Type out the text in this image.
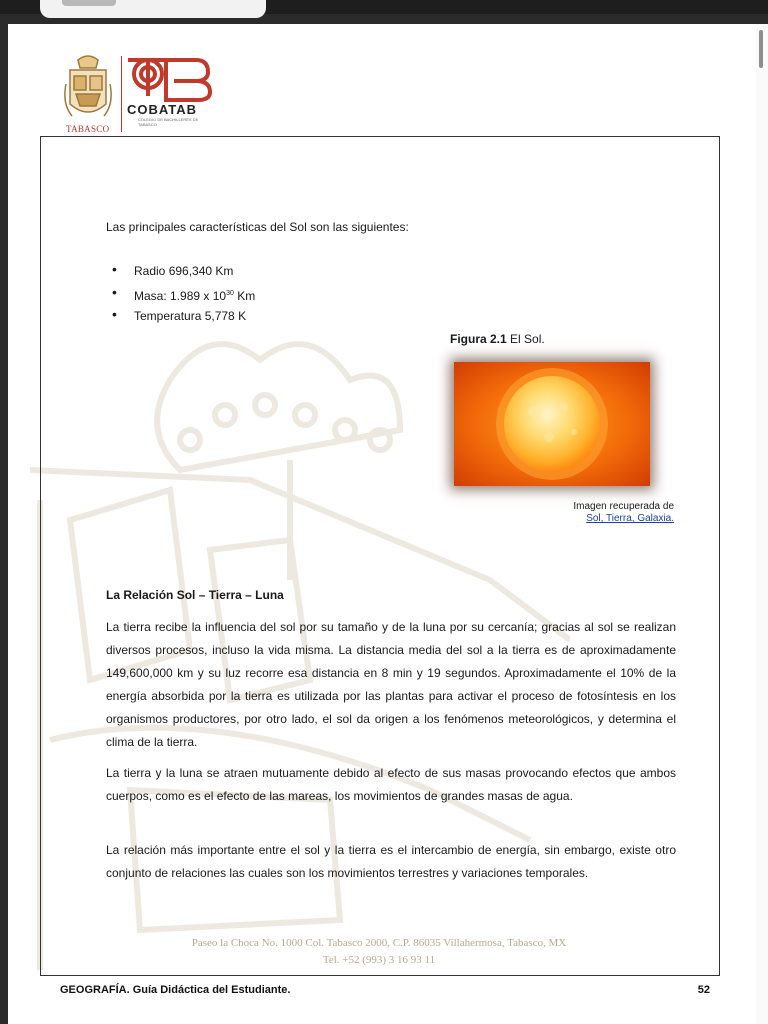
TABASCO
COBATAB
COLEGIO DE BACHILLERES DE TABASCO
Las principales características del Sol son las siguientes:
• Radio 696,340 Km
• Masa: 1.989 x $10^{30}$ Km
• Temperatura 5,778 K
Figura 2.1 El Sol.
Imagen recuperada de
Sol, Tierra, Galaxia.
La Relación Sol – Tierra – Luna

La tierra recibe la influencia del sol por su tamaño y de la luna por su cercanía; gracias al sol se realizan diversos procesos, incluso la vida misma. La distancia media del sol a la tierra es de aproximadamente 149,600,000 km y su luz recorre esa distancia en 8 min y 19 segundos. Aproximadamente el 10% de la energía absorbida por la tierra es utilizada por las plantas para activar el proceso de fotosíntesis en los organismos productores, por otro lado, el sol da origen a los fenómenos meteorológicos, y determina el clima de la tierra.

La tierra y la luna se atraen mutuamente debido al efecto de sus masas provocando efectos que ambos cuerpos, como es el efecto de las mareas, los movimientos de grandes masas de agua.

La relación más importante entre el sol y la tierra es el intercambio de energía, sin embargo, existe otro conjunto de relaciones las cuales son los movimientos terrestres y variaciones temporales.

Paseo la Choca No. 1000 Col. Tabasco 2000, C.P. 86035 Villahermosa, Tabasco, MX
Tel. +52 (993) 3 16 93 11
GEOGRAFÍA. Guía Didáctica del Estudiante.	52
